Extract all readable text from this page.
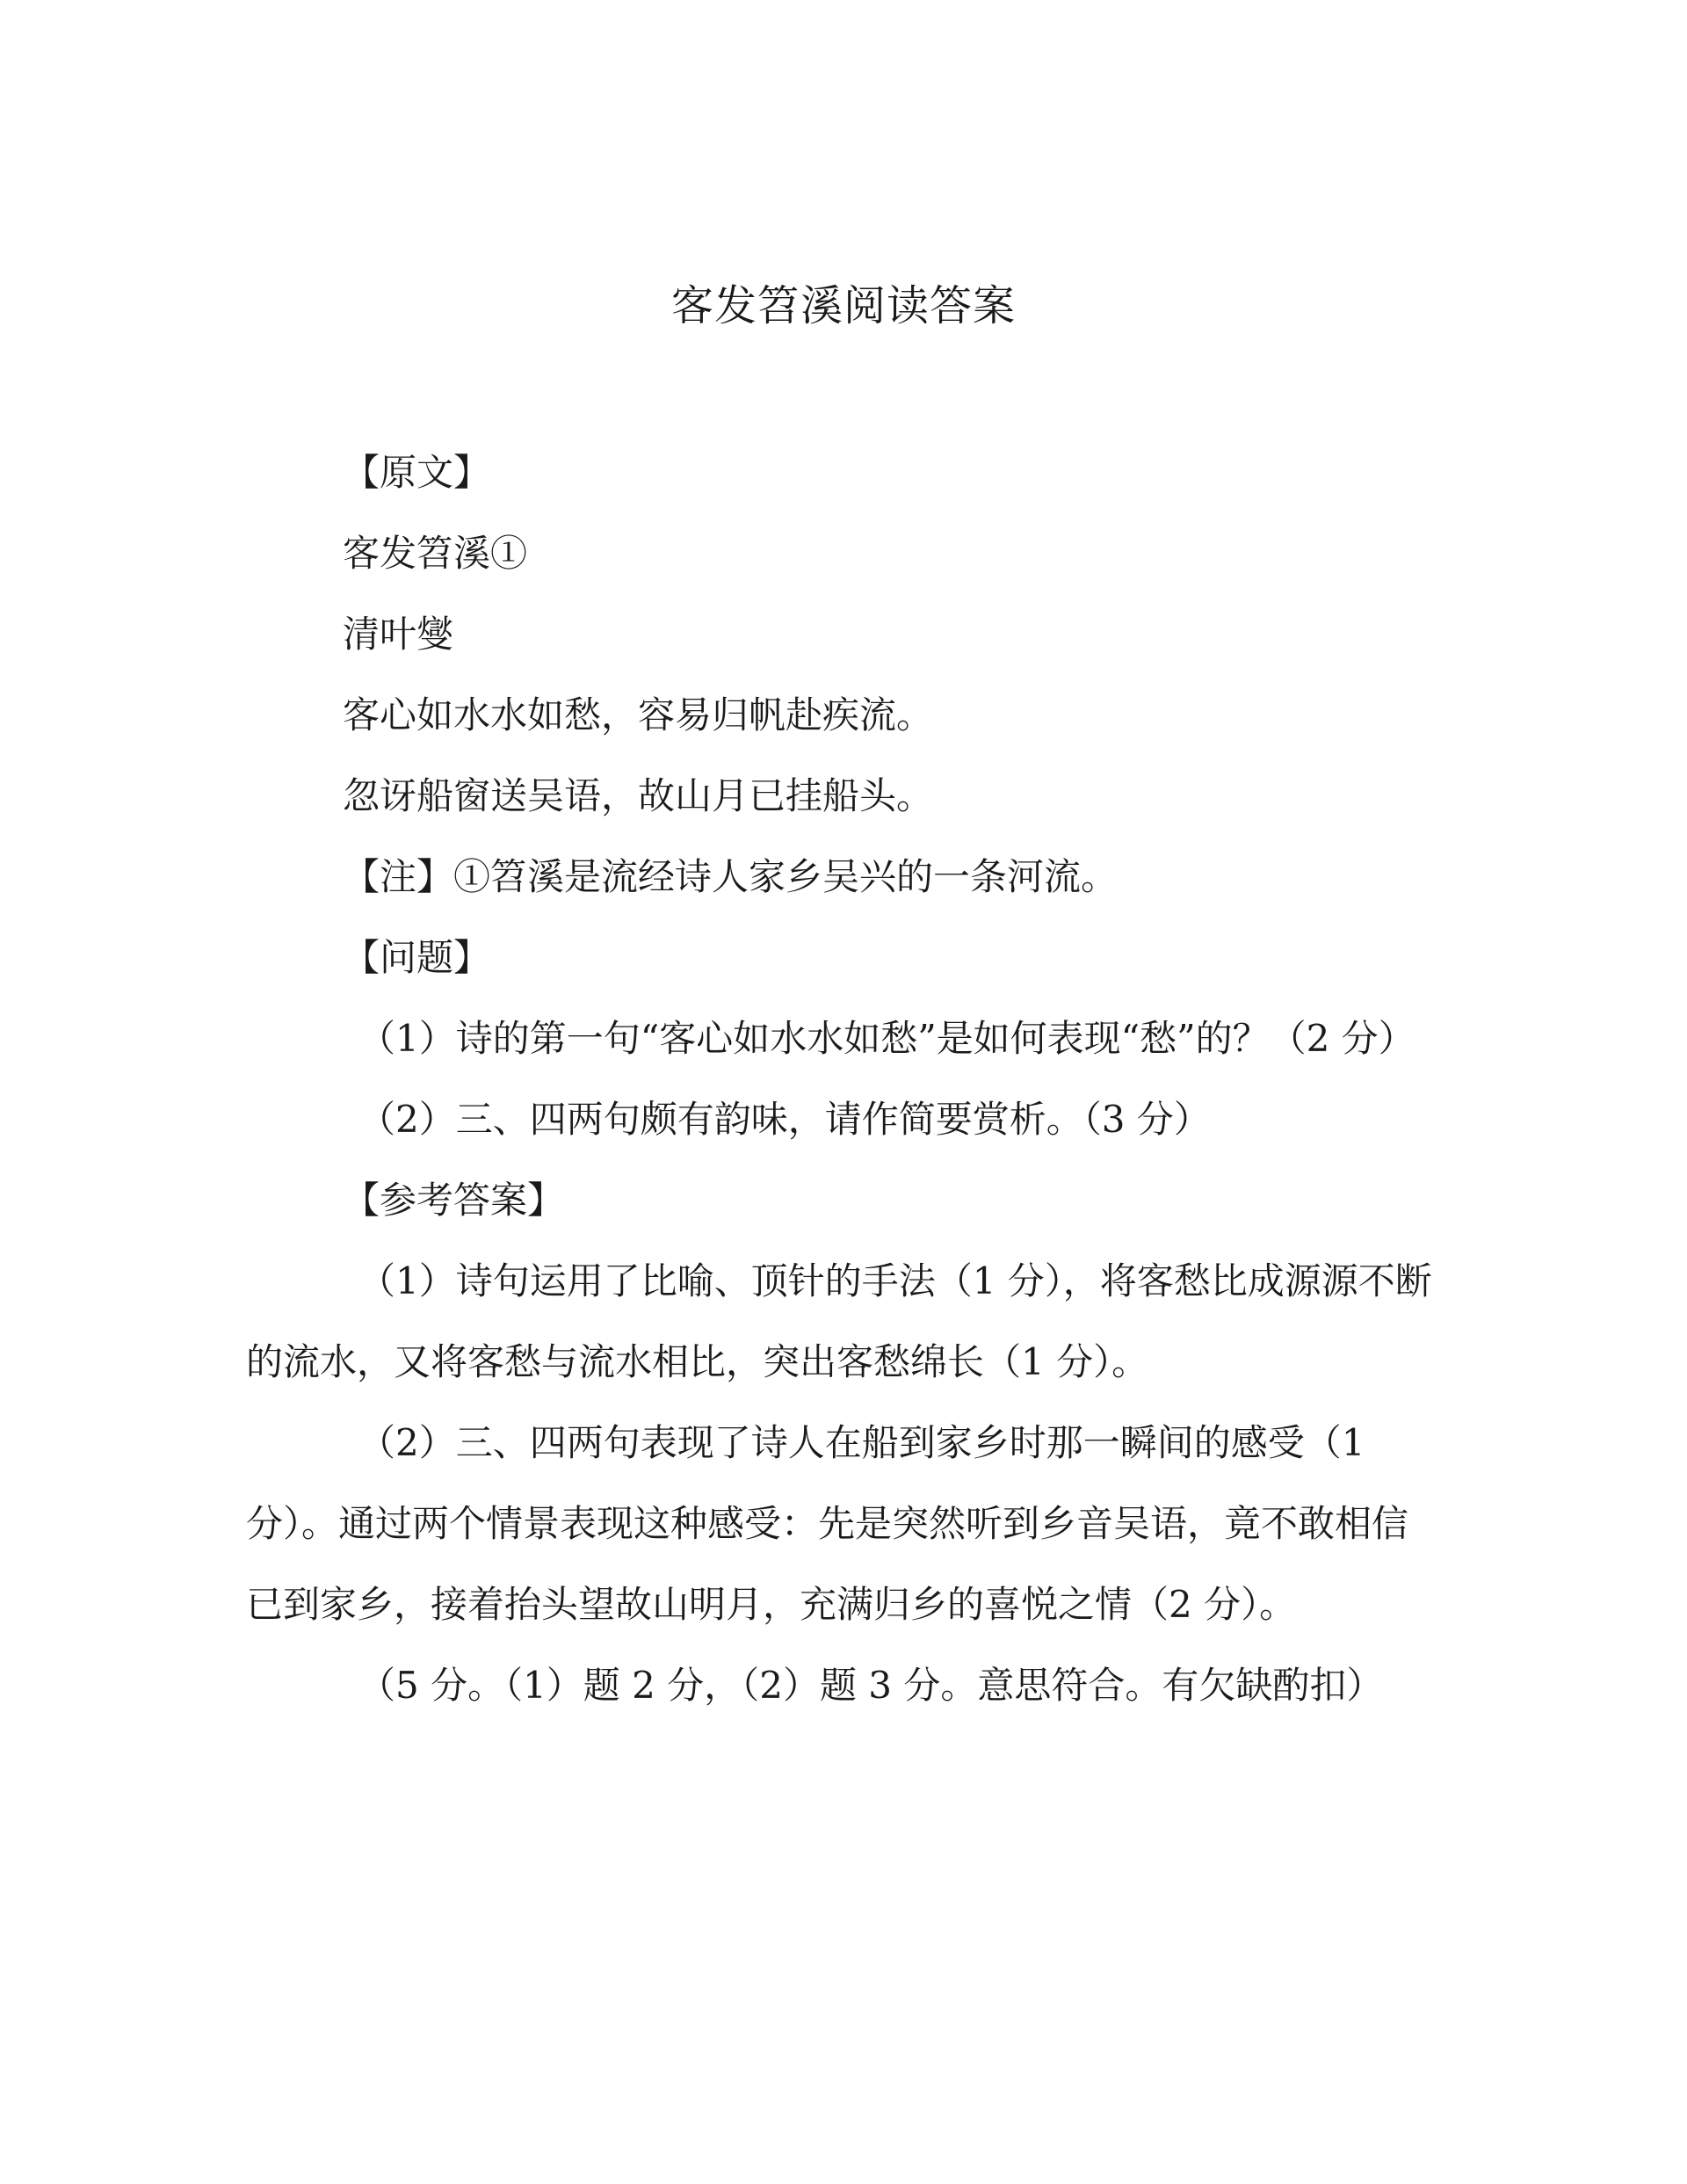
客发笤溪阅读答案

【原文】

客发笤溪①

清叶燮

客心如水水如愁，容易归帆赴疾流。

忽讶船窗送吴语，故山月已挂船头。

【注】①笤溪是流经诗人家乡吴兴的一条河流。

【问题】

（1）诗的第一句“客心如水水如愁”是如何表现“愁”的？（2 分）

（2）三、四两句颇有韵味，请作简要赏析。（3 分）

【参考答案】

（1）诗句运用了比喻、顶针的手法（1 分），将客愁比成源源不断的流水，又将客愁与流水相比，突出客愁绵长（1 分）。

（2）三、四两句表现了诗人在船到家乡时那一瞬间的感受（1 分）。通过两个情景表现这种感受：先是突然听到乡音吴语，竟不敢相信已到家乡，接着抬头望故山明月，充满归乡的喜悦之情（2 分）。

（5 分。（1）题 2 分，（2）题 3 分。意思符合。有欠缺酌扣）
